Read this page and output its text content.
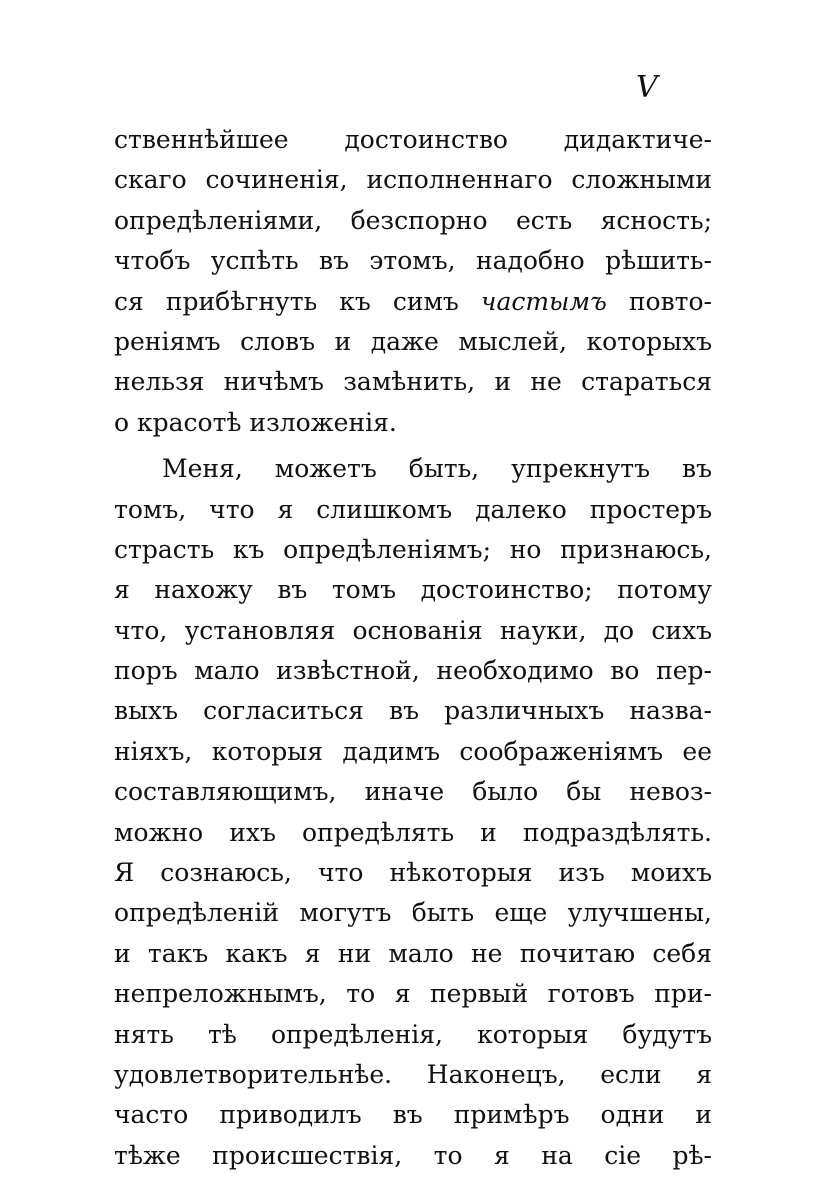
V
ственнѣйшее достоинство дидактиче-
скаго сочиненія, исполненнаго сложными
опредѣленіями, безспорно есть ясность;
чтобъ успѣть въ этомъ, надобно рѣшить-
ся прибѣгнуть къ симъ частымъ повто-
реніямъ словъ и даже мыслей, которыхъ
нельзя ничѣмъ замѣнить, и не стараться
о красотѣ изложенія.
Меня, можетъ быть, упрекнутъ въ
томъ, что я слишкомъ далеко простеръ
страсть къ опредѣленіямъ; но признаюсь,
я нахожу въ томъ достоинство; потому
что, установляя основанія науки, до сихъ
поръ мало извѣстной, необходимо во пер-
выхъ согласиться въ различныхъ назва-
ніяхъ, которыя дадимъ соображеніямъ ее
составляющимъ, иначе было бы невоз-
можно ихъ опредѣлять и подраздѣлять.
Я сознаюсь, что нѣкоторыя изъ моихъ
опредѣленій могутъ быть еще улучшены,
и такъ какъ я ни мало не почитаю себя
непреложнымъ, то я первый готовъ при-
нять тѣ опредѣленія, которыя будутъ
удовлетворительнѣе. Наконецъ, если я
часто приводилъ въ примѣръ одни и
тѣже происшествія, то я на сіе рѣ-
